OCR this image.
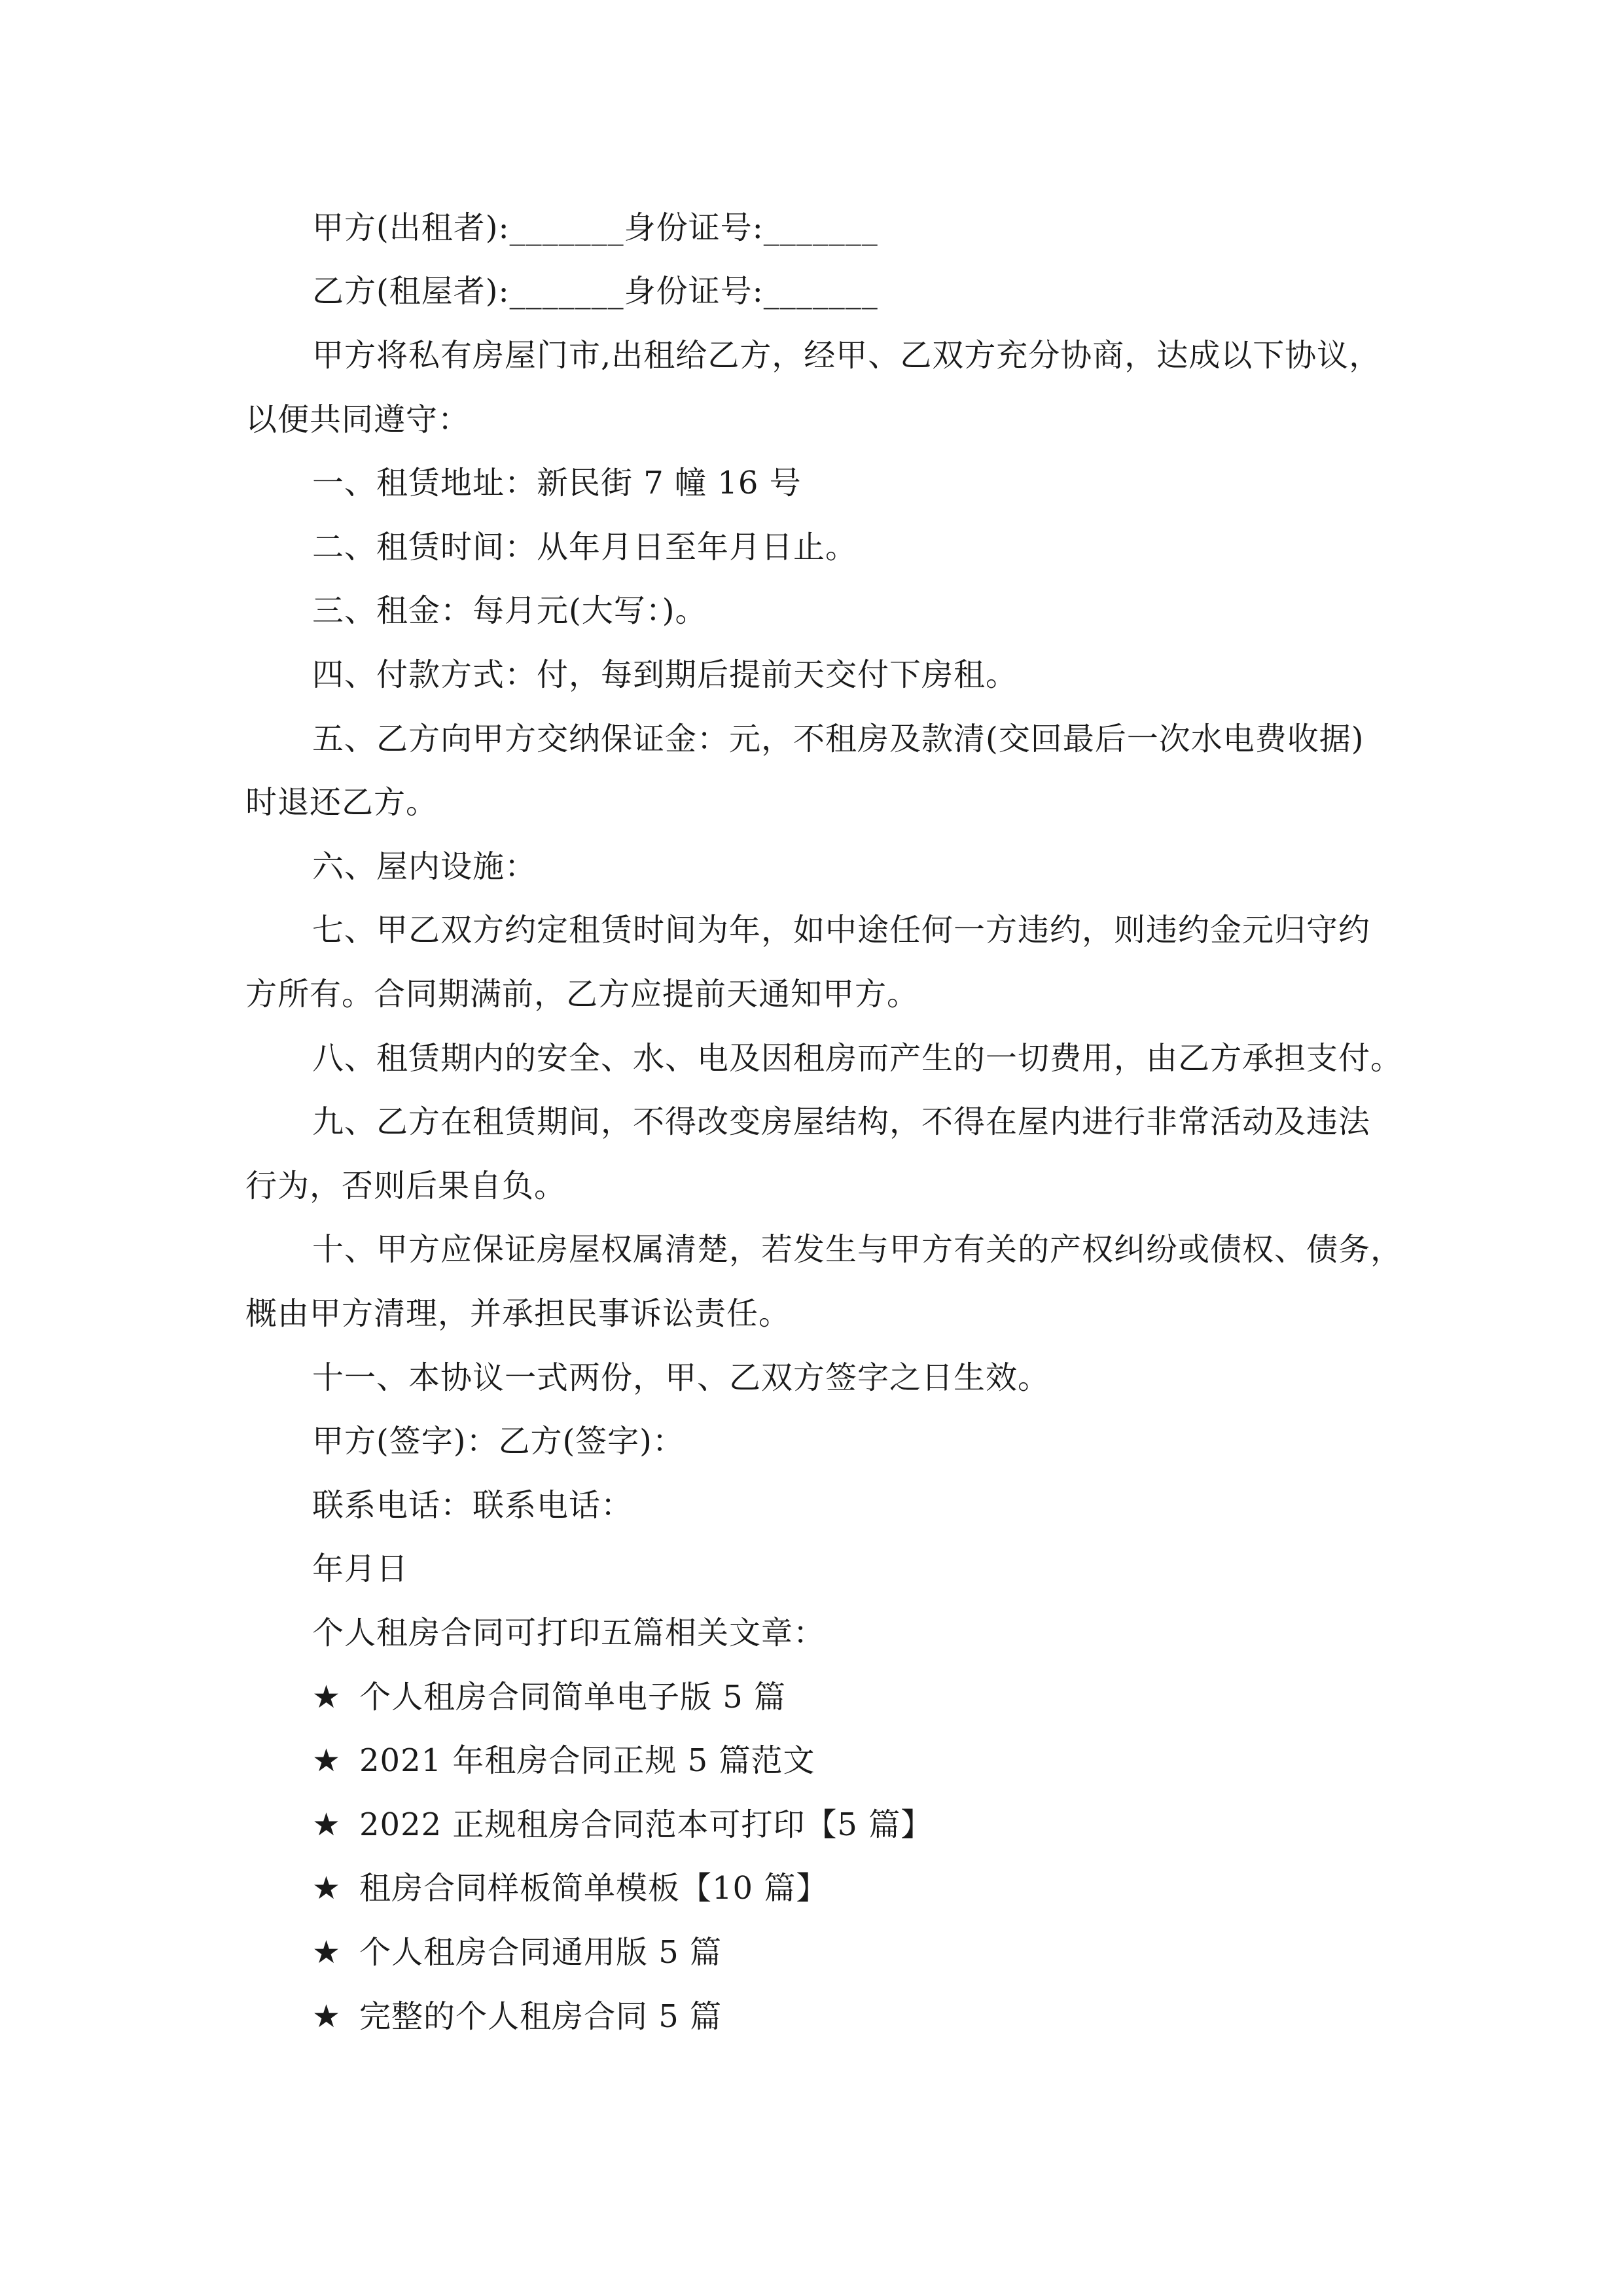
甲方(出租者):_______身份证号:_______
乙方(租屋者):_______身份证号:_______
甲方将私有房屋门市,出租给乙方，经甲、乙双方充分协商，达成以下协议，
以便共同遵守：
一、租赁地址：新民街 7 幢 16 号
二、租赁时间：从年月日至年月日止。
三、租金：每月元(大写：)。
四、付款方式：付，每到期后提前天交付下房租。
五、乙方向甲方交纳保证金：元，不租房及款清(交回最后一次水电费收据)
时退还乙方。
六、屋内设施：
七、甲乙双方约定租赁时间为年，如中途任何一方违约，则违约金元归守约
方所有。合同期满前，乙方应提前天通知甲方。
八、租赁期内的安全、水、电及因租房而产生的一切费用，由乙方承担支付。
九、乙方在租赁期间，不得改变房屋结构，不得在屋内进行非常活动及违法
行为，否则后果自负。
十、甲方应保证房屋权属清楚，若发生与甲方有关的产权纠纷或债权、债务，
概由甲方清理，并承担民事诉讼责任。
十一、本协议一式两份，甲、乙双方签字之日生效。
甲方(签字)：乙方(签字)：
联系电话：联系电话：
年月日
个人租房合同可打印五篇相关文章：
★ 个人租房合同简单电子版 5 篇
★ 2021 年租房合同正规 5 篇范文
★ 2022 正规租房合同范本可打印【5 篇】
★ 租房合同样板简单模板【10 篇】
★ 个人租房合同通用版 5 篇
★ 完整的个人租房合同 5 篇
